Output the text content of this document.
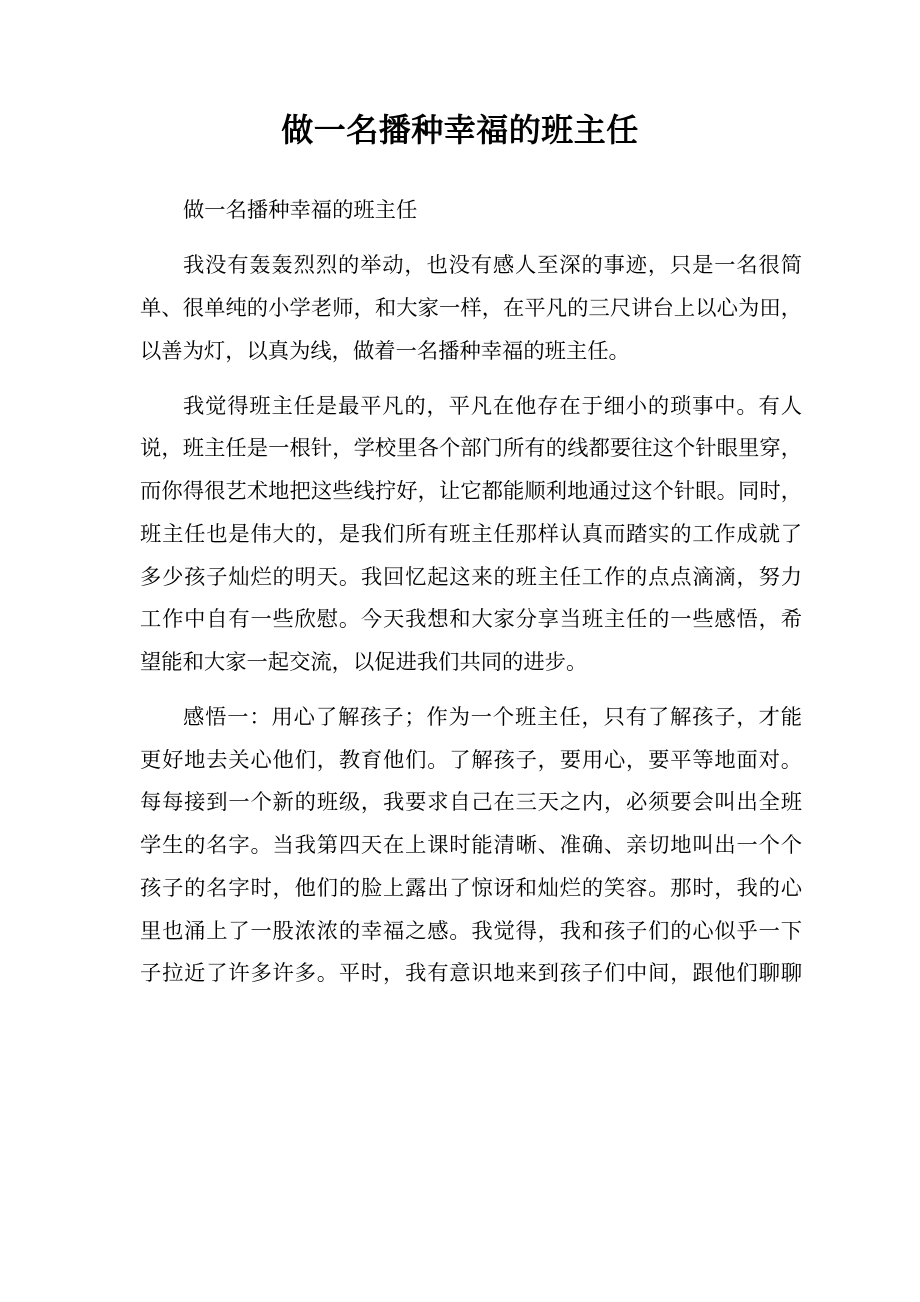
做一名播种幸福的班主任
做一名播种幸福的班主任
我没有轰轰烈烈的举动，也没有感人至深的事迹，只是一名很简
单、很单纯的小学老师，和大家一样，在平凡的三尺讲台上以心为田，
以善为灯，以真为线，做着一名播种幸福的班主任。
我觉得班主任是最平凡的，平凡在他存在于细小的琐事中。有人
说，班主任是一根针，学校里各个部门所有的线都要往这个针眼里穿，
而你得很艺术地把这些线拧好，让它都能顺利地通过这个针眼。同时，
班主任也是伟大的，是我们所有班主任那样认真而踏实的工作成就了
多少孩子灿烂的明天。我回忆起这来的班主任工作的点点滴滴，努力
工作中自有一些欣慰。今天我想和大家分享当班主任的一些感悟，希
望能和大家一起交流，以促进我们共同的进步。
感悟一：用心了解孩子；作为一个班主任，只有了解孩子，才能
更好地去关心他们，教育他们。了解孩子，要用心，要平等地面对。
每每接到一个新的班级，我要求自己在三天之内，必须要会叫出全班
学生的名字。当我第四天在上课时能清晰、准确、亲切地叫出一个个
孩子的名字时，他们的脸上露出了惊讶和灿烂的笑容。那时，我的心
里也涌上了一股浓浓的幸福之感。我觉得，我和孩子们的心似乎一下
子拉近了许多许多。平时，我有意识地来到孩子们中间，跟他们聊聊
